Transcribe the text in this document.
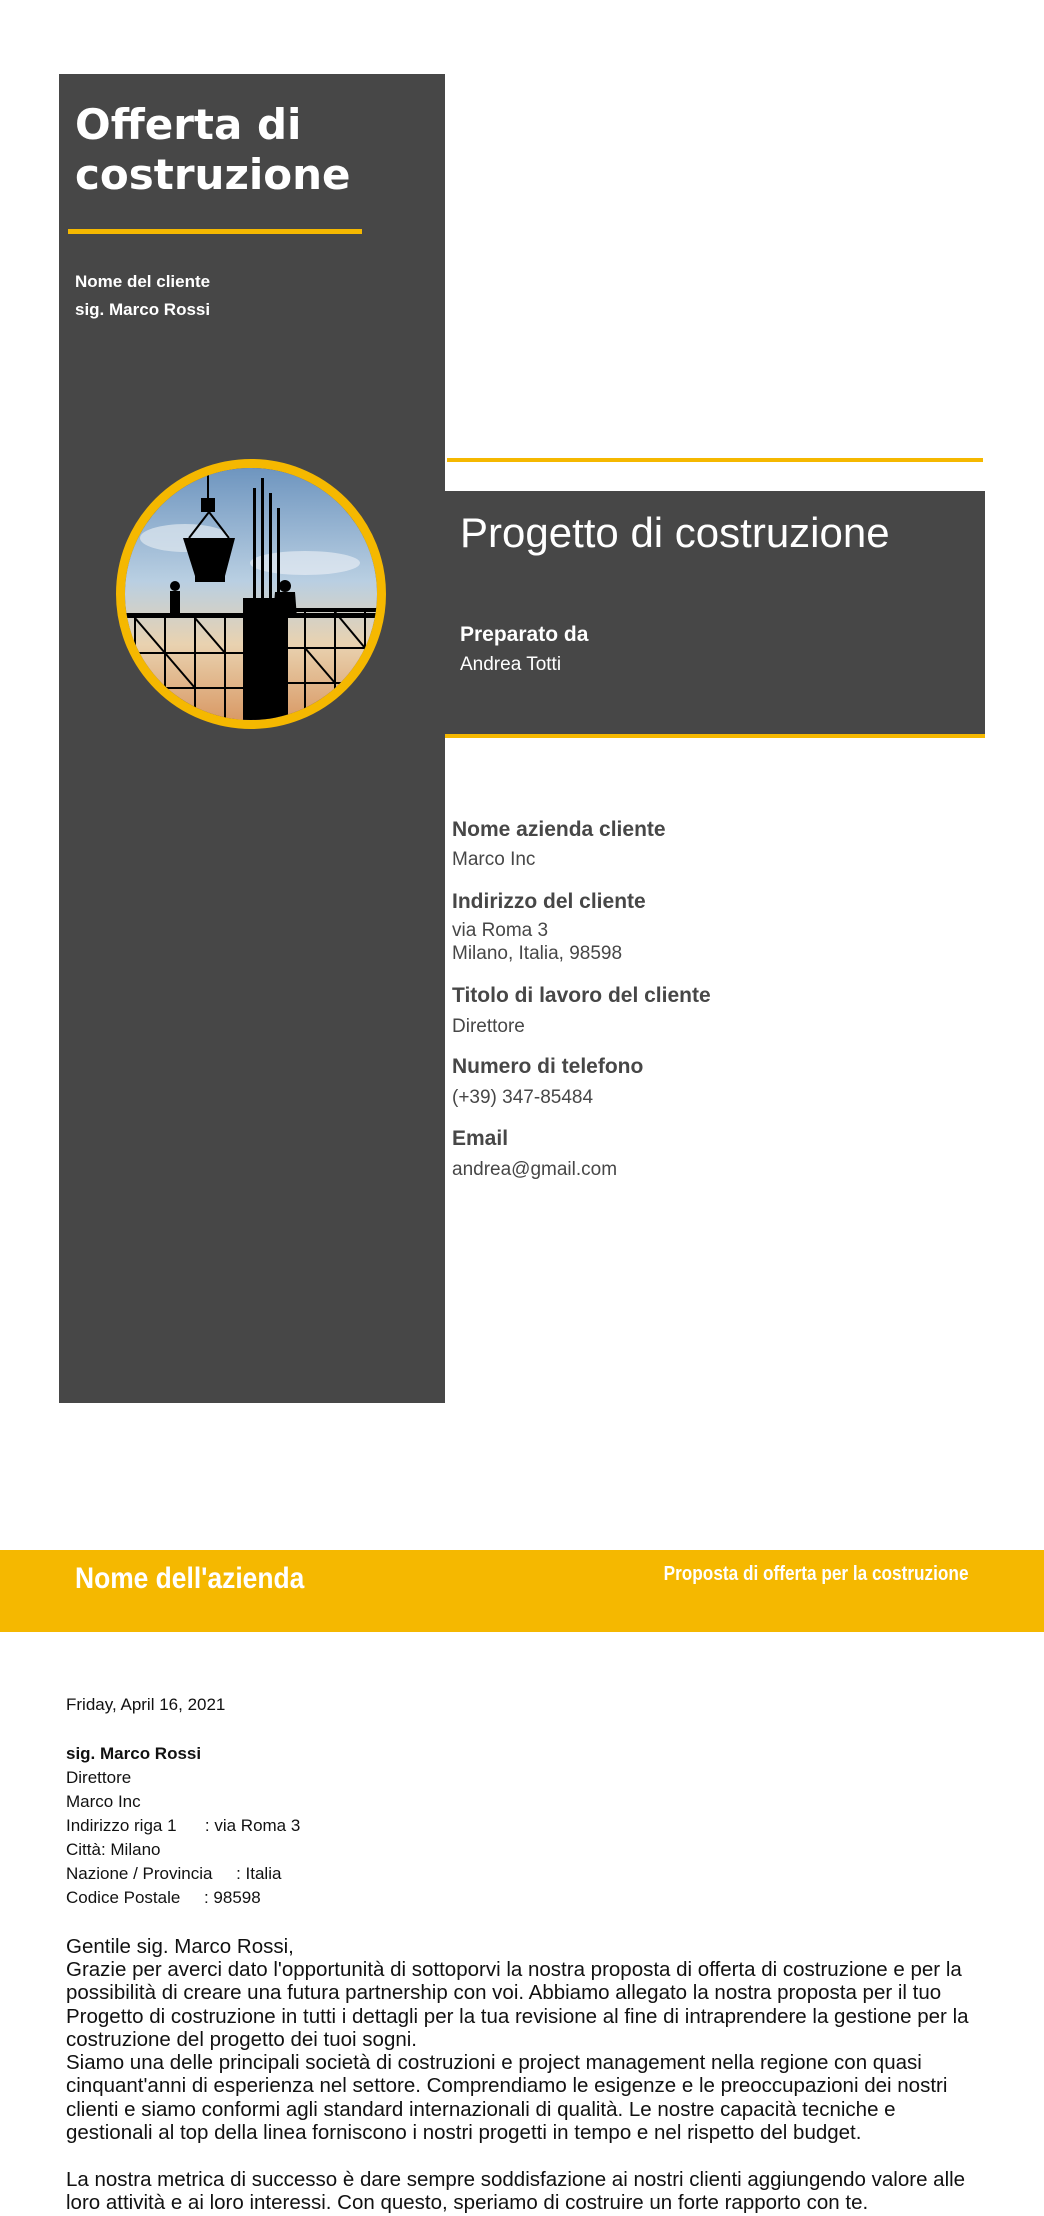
Offerta di costruzione
Nome del cliente
sig. Marco Rossi
Progetto di costruzione
Preparato da
Andrea Totti
Nome azienda cliente
Marco Inc
Indirizzo del cliente
via Roma 3
Milano, Italia, 98598
Titolo di lavoro del cliente
Direttore
Numero di telefono
(+39) 347-85484
Email
andrea@gmail.com
Nome dell'azienda	Proposta di offerta per la costruzione
Friday, April 16, 2021
sig. Marco Rossi
Direttore
Marco Inc
Indirizzo riga 1      : via Roma 3
Città: Milano
Nazione / Provincia     : Italia
Codice Postale     : 98598

Gentile sig. Marco Rossi,

Grazie per averci dato l'opportunità di sottoporvi la nostra proposta di offerta di costruzione e per la possibilità di creare una futura partnership con voi. Abbiamo allegato la nostra proposta per il tuo Progetto di costruzione in tutti i dettagli per la tua revisione al fine di intraprendere la gestione per la costruzione del progetto dei tuoi sogni.

Siamo una delle principali società di costruzioni e project management nella regione con quasi cinquant'anni di esperienza nel settore. Comprendiamo le esigenze e le preoccupazioni dei nostri clienti e siamo conformi agli standard internazionali di qualità. Le nostre capacità tecniche e gestionali al top della linea forniscono i nostri progetti in tempo e nel rispetto del budget.

La nostra metrica di successo è dare sempre soddisfazione ai nostri clienti aggiungendo valore alle loro attività e ai loro interessi. Con questo, speriamo di costruire un forte rapporto con te.
